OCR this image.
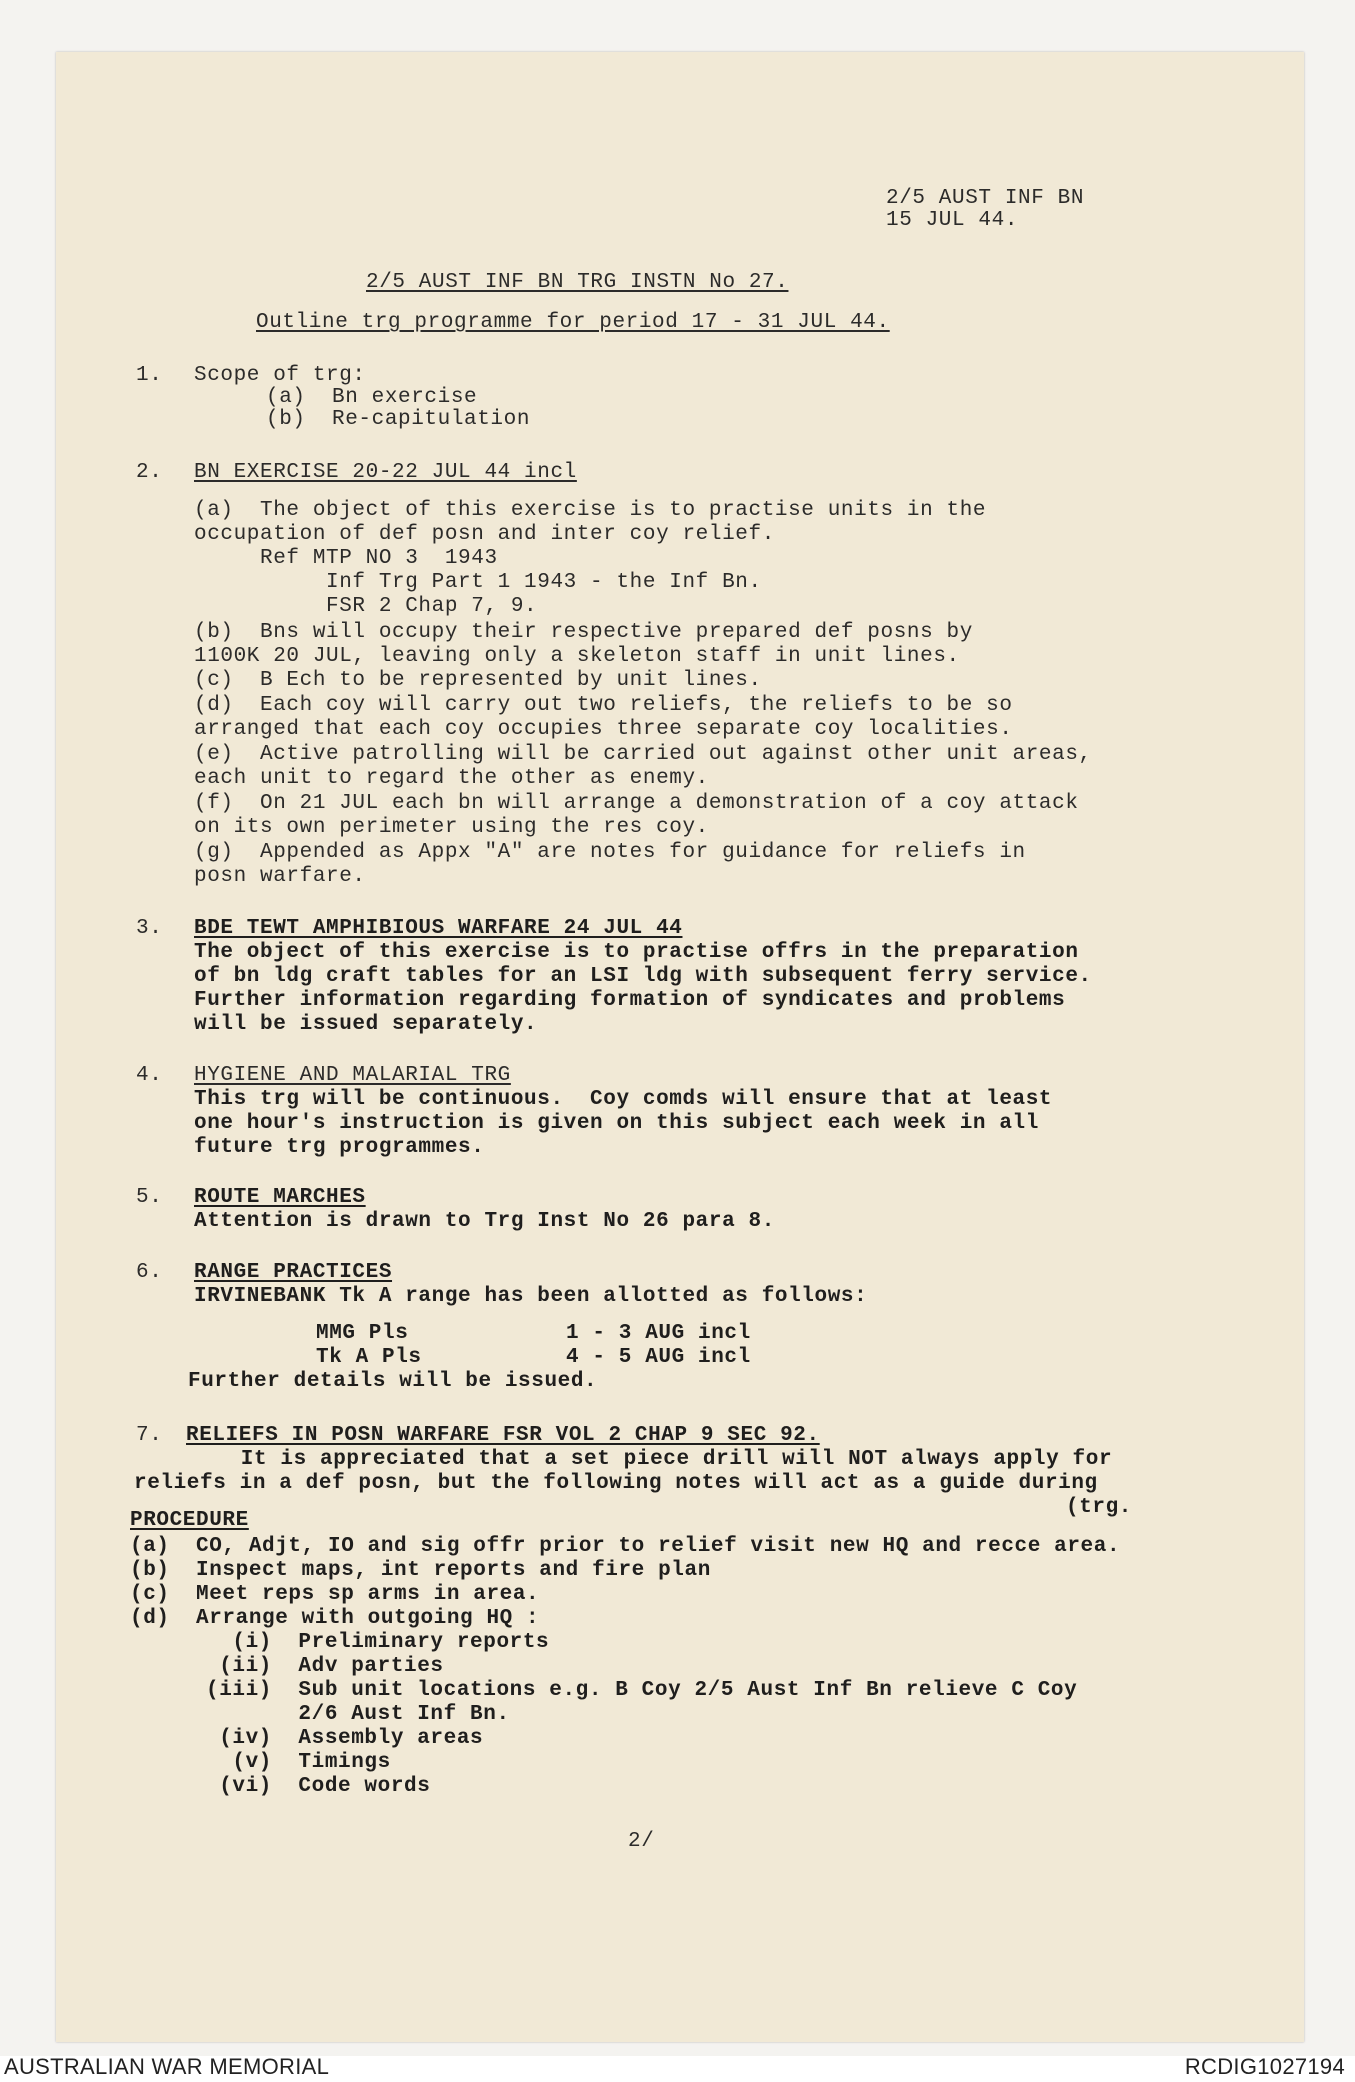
2/5 AUST INF BN
15 JUL 44.
2/5 AUST INF BN TRG INSTN No 27.
Outline trg programme for period 17 - 31 JUL 44.
1. Scope of trg:
(a)  Bn exercise
(b)  Re-capitulation
2. BN EXERCISE 20-22 JUL 44 incl
(a)  The object of this exercise is to practise units in the
occupation of def posn and inter coy relief.
Ref MTP NO 3  1943
Inf Trg Part 1 1943 - the Inf Bn.
FSR 2 Chap 7, 9.
(b)  Bns will occupy their respective prepared def posns by
1100K 20 JUL, leaving only a skeleton staff in unit lines.
(c)  B Ech to be represented by unit lines.
(d)  Each coy will carry out two reliefs, the reliefs to be so
arranged that each coy occupies three separate coy localities.
(e)  Active patrolling will be carried out against other unit areas,
each unit to regard the other as enemy.
(f)  On 21 JUL each bn will arrange a demonstration of a coy attack
on its own perimeter using the res coy.
(g)  Appended as Appx "A" are notes for guidance for reliefs in
posn warfare.
3. BDE TEWT AMPHIBIOUS WARFARE 24 JUL 44
The object of this exercise is to practise offrs in the preparation
of bn ldg craft tables for an LSI ldg with subsequent ferry service.
Further information regarding formation of syndicates and problems
will be issued separately.
4. HYGIENE AND MALARIAL TRG
This trg will be continuous.  Coy comds will ensure that at least
one hour's instruction is given on this subject each week in all
future trg programmes.
5. ROUTE MARCHES
Attention is drawn to Trg Inst No 26 para 8.
6. RANGE PRACTICES
IRVINEBANK Tk A range has been allotted as follows:
MMG Pls	1 - 3 AUG incl
Tk A Pls	4 - 5 AUG incl
Further details will be issued.
7. RELIEFS IN POSN WARFARE FSR VOL 2 CHAP 9 SEC 92.
It is appreciated that a set piece drill will NOT always apply for
reliefs in a def posn, but the following notes will act as a guide during
(trg.
PROCEDURE
(a)  CO, Adjt, IO and sig offr prior to relief visit new HQ and recce area.
(b)  Inspect maps, int reports and fire plan
(c)  Meet reps sp arms in area.
(d)  Arrange with outgoing HQ :
(i)  Preliminary reports
(ii)  Adv parties
(iii)  Sub unit locations e.g. B Coy 2/5 Aust Inf Bn relieve C Coy
2/6 Aust Inf Bn.
(iv)  Assembly areas
(v)  Timings
(vi)  Code words
2/
AUSTRALIAN WAR MEMORIAL	RCDIG1027194
